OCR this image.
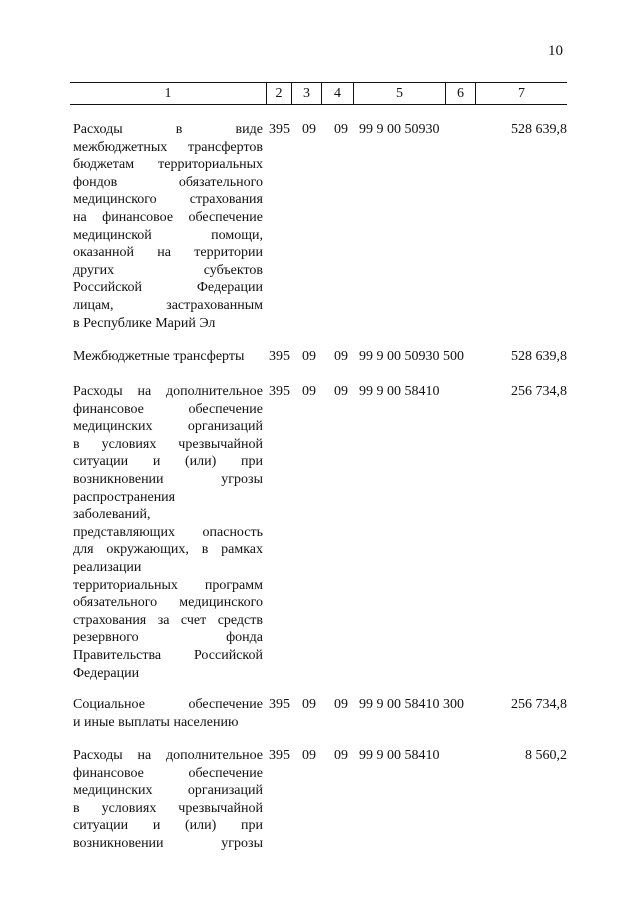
10
1	2	3	4	5	6	7
Расходы в виде
межбюджетных трансфертов
бюджетам территориальных
фондов обязательного
медицинского страхования
на финансовое обеспечение
медицинской помощи,
оказанной на территории
других субъектов
Российской Федерации
лицам, застрахованным
в Республике Марий Эл
395 09 09 99 9 00 50930	528 639,8
Межбюджетные трансферты	395 09 09 99 9 00 50930 500	528 639,8
Расходы на дополнительное
финансовое обеспечение
медицинских организаций
в условиях чрезвычайной
ситуации и (или) при
возникновении угрозы
распространения
заболеваний,
представляющих опасность
для окружающих, в рамках
реализации
территориальных программ
обязательного медицинского
страхования за счет средств
резервного фонда
Правительства Российской
Федерации
395 09 09 99 9 00 58410	256 734,8
Социальное обеспечение
и иные выплаты населению
395 09 09 99 9 00 58410 300	256 734,8
Расходы на дополнительное
финансовое обеспечение
медицинских организаций
в условиях чрезвычайной
ситуации и (или) при
возникновении угрозы
395 09 09 99 9 00 58410	8 560,2
